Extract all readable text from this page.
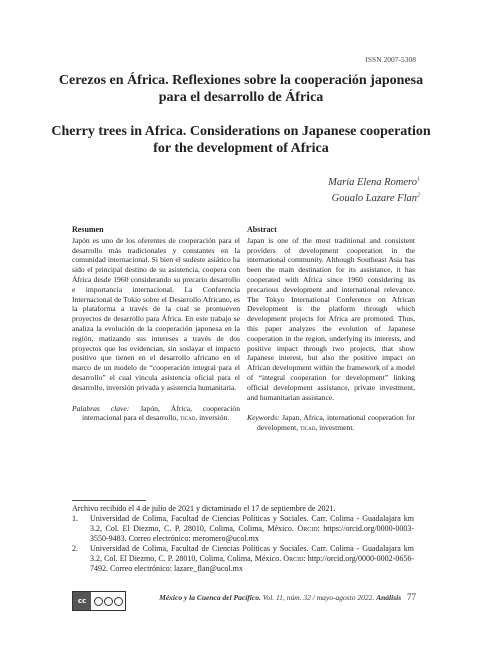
ISSN 2007-5308
Cerezos en África. Reflexiones sobre la cooperación japonesa para el desarrollo de África
Cherry trees in Africa. Considerations on Japanese cooperation for the development of Africa
María Elena Romero$^1$
Goualo Lazare Flan$^2$
Resumen
Japón es uno de los oferentes de cooperación para el desarrollo más tradicionales y constantes en la comunidad internacional. Si bien el sudeste asiático ha sido el principal destino de su asistencia, coopera con África desde 1960 considerando su precario desarrollo e importancia internacional. La Conferencia Internacional de Tokio sobre el Desarrollo Africano, es la plataforma a través de la cual se promueven proyectos de desarrollo para África. En este trabajo se analiza la evolución de la cooperación japonesa en la región, matizando sus intereses a través de dos proyectos que los evidencian, sin soslayar el impacto positivo que tienen en el desarrollo africano en el marco de un modelo de “cooperación integral para el desarrollo” el cual vincula asistencia oficial para el desarrollo, inversión privada y asistencia humanitaria.
Palabras clave: Japón, África, cooperación internacional para el desarrollo, ticad, inversión.
Abstract
Japan is one of the most traditional and consistent providers of development cooperation in the international community. Although Southeast Asia has been the main destination for its assistance, it has cooperated with Africa since 1960 considering its precarious development and international relevance. The Tokyo International Conference on African Development is the platform through which development projects for Africa are promoted. Thus, this paper analyzes the evolution of Japanese cooperation in the region, underlying its interests, and positive impact through two projects, that show Japanese interest, but also the positive impact on African development within the framework of a model of “integral cooperation for development” linking official development assistance, private investment, and humanitarian assistance.
Keywords: Japan, Africa, international cooperation for development, ticad, investment.

Archivo recibido el 4 de julio de 2021 y dictaminado el 17 de septiembre de 2021.

1.	Universidad de Colima, Facultad de Ciencias Políticas y Sociales. Carr. Colima - Guadalajara km 3.2, Col. El Diezmo, C. P. 28010, Colima, Colima, México. Orcid: https://orcid.org/0000-0003-3550-9483. Correo electrónico: meromero@ucol.mx
2.	Universidad de Colima, Facultad de Ciencias Políticas y Sociales. Carr. Colima - Guadalajara km 3.2, Col. El Diezmo, C. P. 28010, Colima, Colima, México. Orcid: http://orcid.org/0000-0002-0656-7492. Correo electrónico: lazare_flan@ucol.mx
cc	México y la Cuenca del Pacífico. Vol. 11, núm. 32 / mayo-agosto 2022. Análisis 77
